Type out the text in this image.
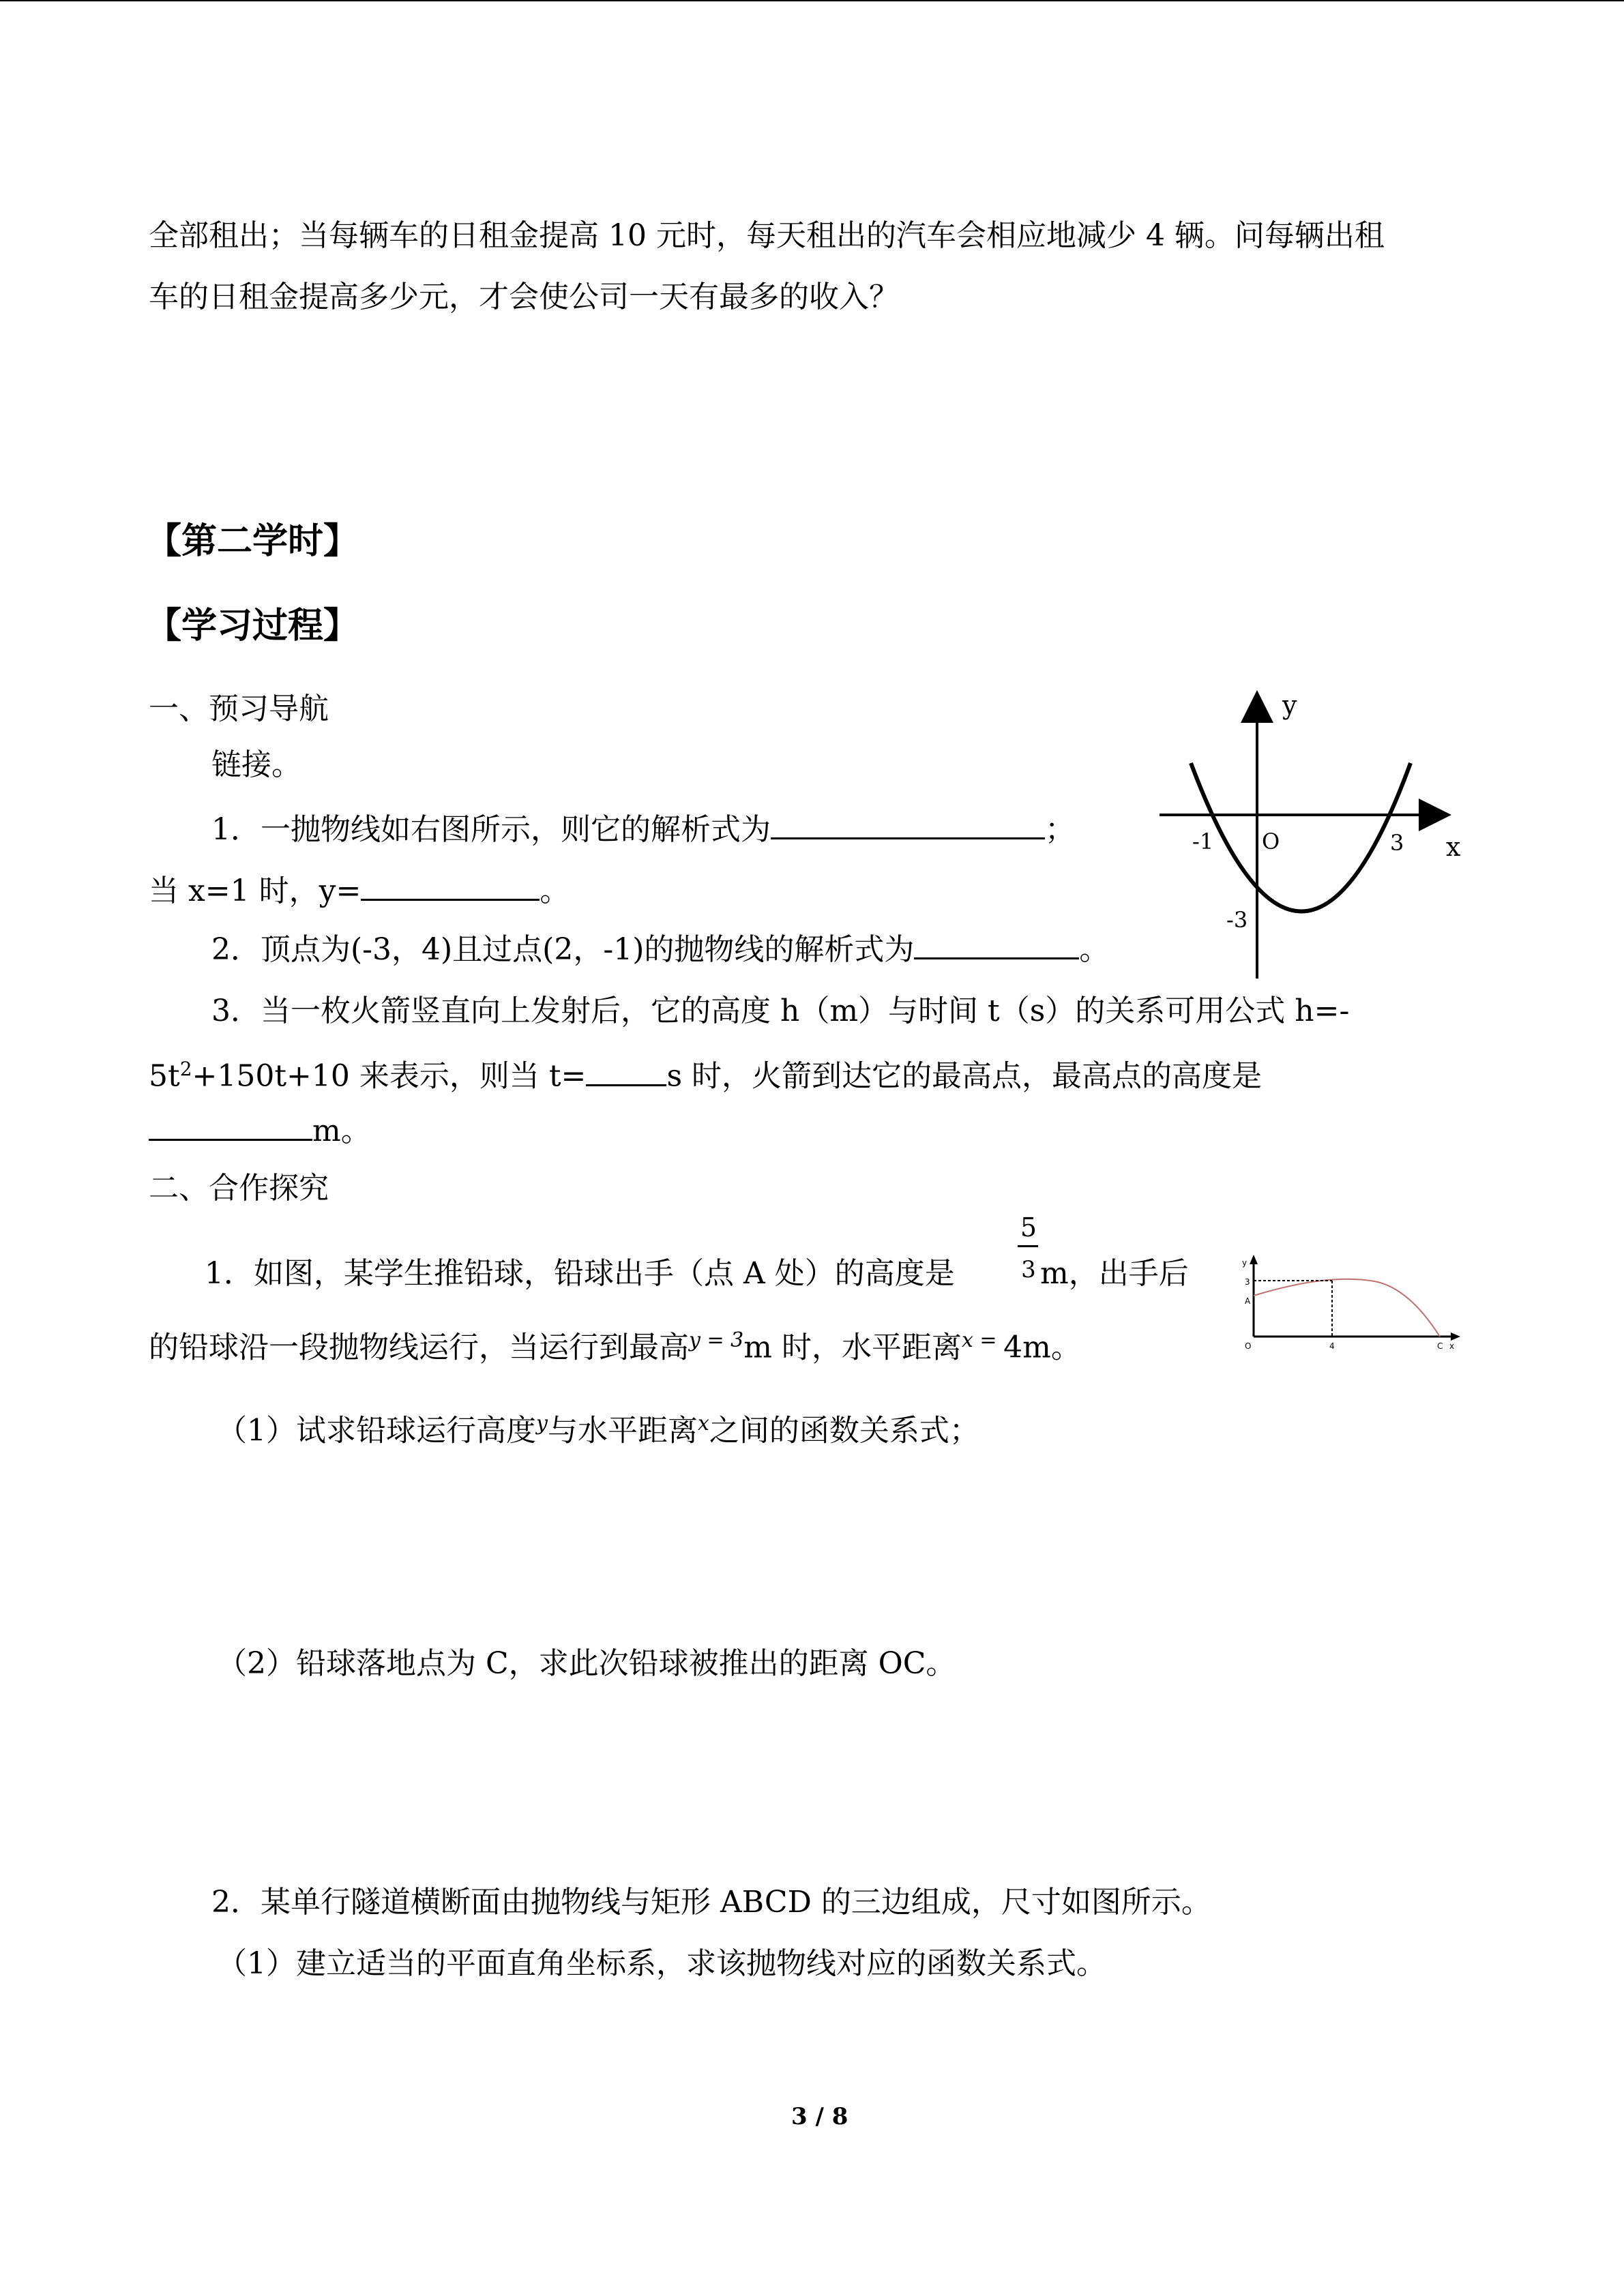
全部租出；当每辆车的日租金提高 10 元时，每天租出的汽车会相应地减少 4 辆。问每辆出租
车的日租金提高多少元，才会使公司一天有最多的收入？
【第二学时】
【学习过程】
一、预习导航
链接。
1．一抛物线如右图所示，则它的解析式为	；
当 x=1 时，y=	。
2．顶点为(-3，4)且过点(2，-1)的抛物线的解析式为	。
3．当一枚火箭竖直向上发射后，它的高度 h（m）与时间 t（s）的关系可用公式 h=-
$5t^2+150t+10$ 来表示，则当 t=	s 时，火箭到达它的最高点，最高点的高度是
m。
y
x
-1 O	3
-3
二、合作探究
5
3
1．如图，某学生推铅球，铅球出手（点 A 处）的高度是	m，出手后
的铅球沿一段抛物线运行，当运行到最高$^{y = 3}$m 时，水平距离$^{x =}$ 4m。
y
3
A
O	4	C x
（1）试求铅球运行高度$^y$与水平距离$^x$之间的函数关系式；
（2）铅球落地点为 C，求此次铅球被推出的距离 OC。
2．某单行隧道横断面由抛物线与矩形 ABCD 的三边组成，尺寸如图所示。
（1）建立适当的平面直角坐标系，求该抛物线对应的函数关系式。
3 / 8
